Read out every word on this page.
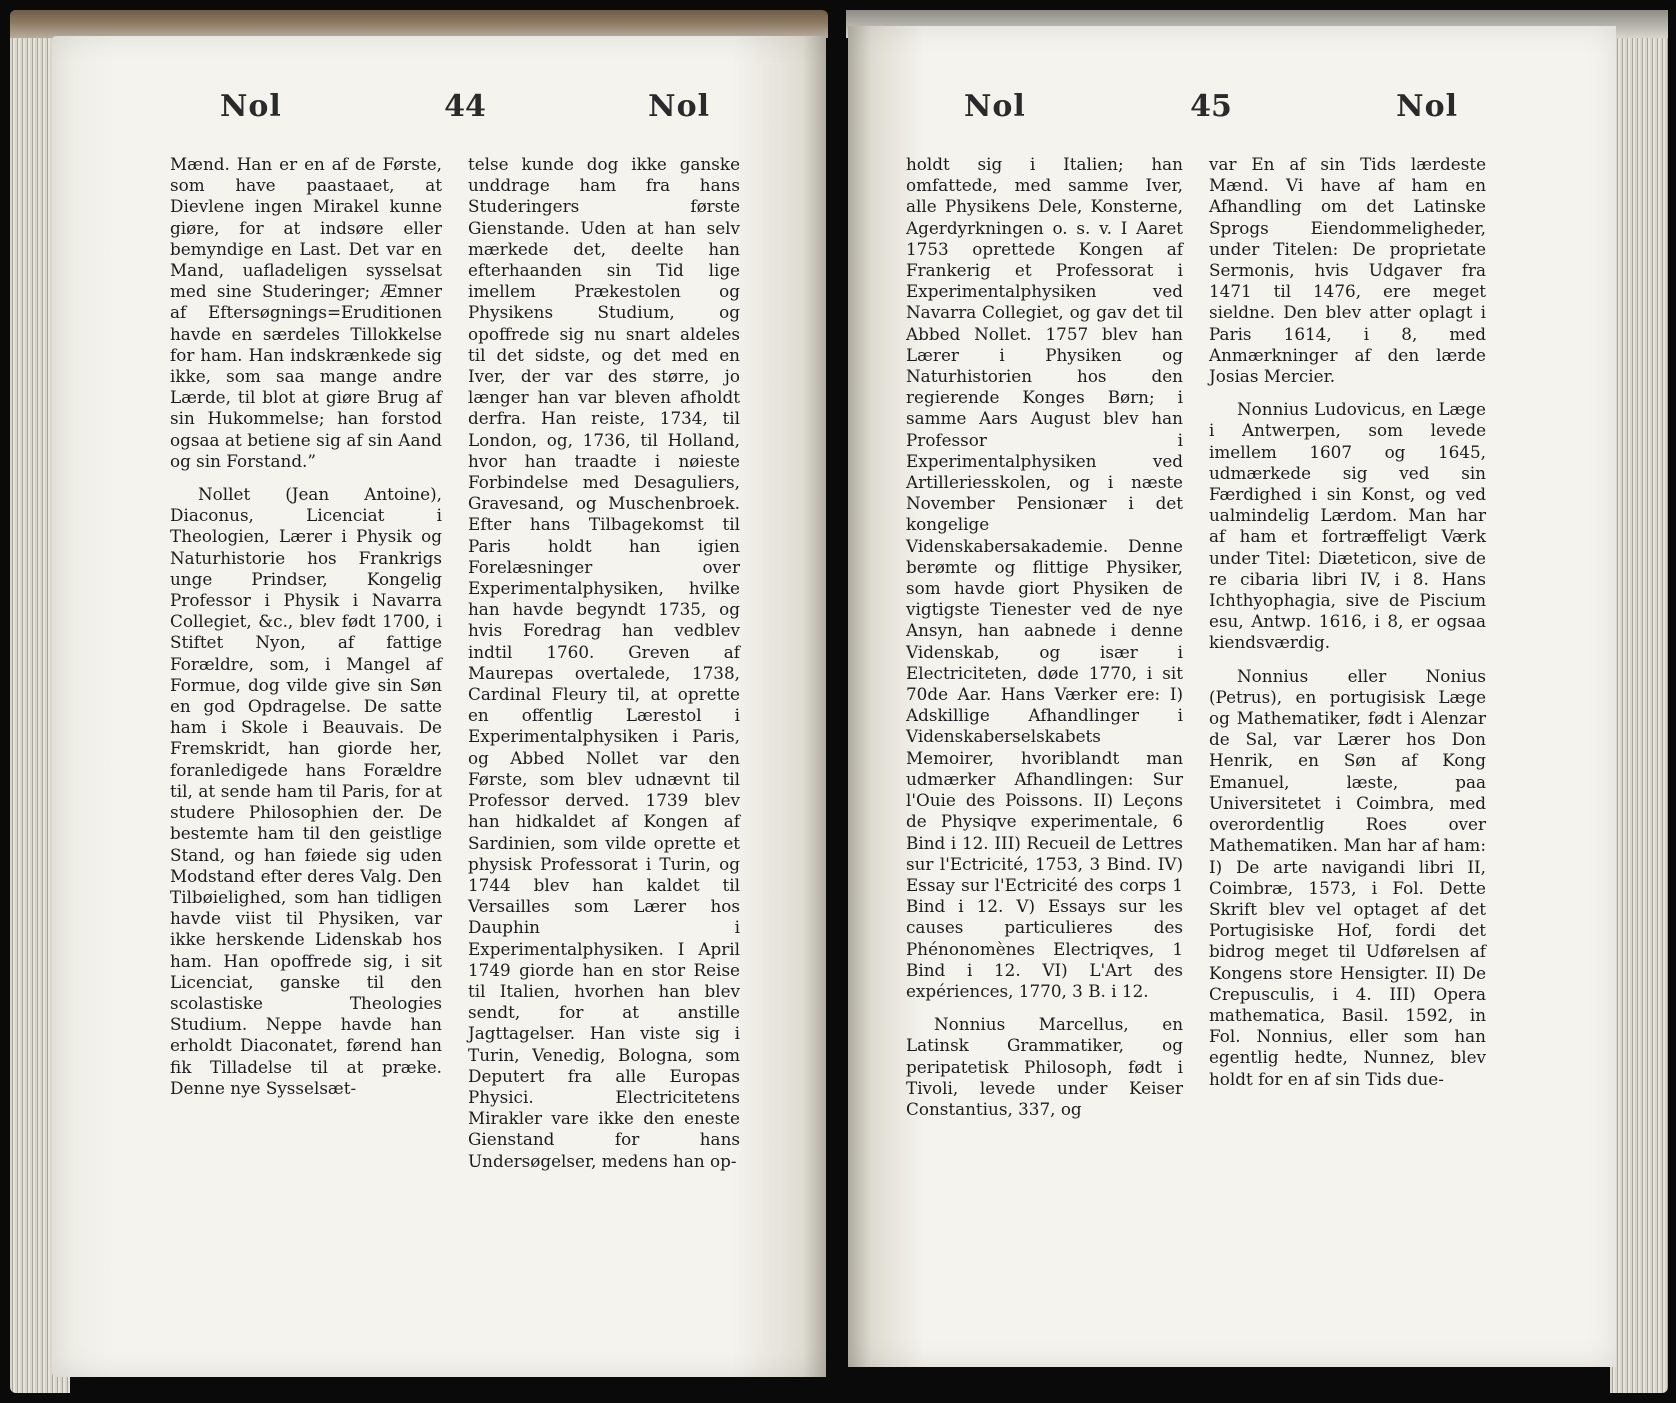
Nol	44	Nol

Mænd. Han er en af de Første, som have paastaaet, at Dievlene ingen Mirakel kunne giøre, for at indsøre eller bemyndige en Last. Det var en Mand, uafladeligen sysselsat med sine Studeringer; Æmner af Eftersøgnings=Eruditionen havde en særdeles Tillokkelse for ham. Han indskrænkede sig ikke, som saa mange andre Lærde, til blot at giøre Brug af sin Hukommelse; han forstod ogsaa at betiene sig af sin Aand og sin Forstand.”

Nollet (Jean Antoine), Diaconus, Licenciat i Theologien, Lærer i Physik og Naturhistorie hos Frankrigs unge Prindser, Kongelig Professor i Physik i Navarra Collegiet, &c., blev født 1700, i Stiftet Nyon, af fattige Forældre, som, i Mangel af Formue, dog vilde give sin Søn en god Opdragelse. De satte ham i Skole i Beauvais. De Fremskridt, han giorde her, foranledigede hans Forældre til, at sende ham til Paris, for at studere Philosophien der. De bestemte ham til den geistlige Stand, og han føiede sig uden Modstand efter deres Valg. Den Tilbøielighed, som han tidligen havde viist til Physiken, var ikke herskende Lidenskab hos ham. Han opoffrede sig, i sit Licenciat, ganske til den scolastiske Theologies Studium. Neppe havde han erholdt Diaconatet, førend han fik Tilladelse til at præke. Denne nye Sysselsæt-

telse kunde dog ikke ganske unddrage ham fra hans Studeringers første Gienstande. Uden at han selv mærkede det, deelte han efterhaanden sin Tid lige imellem Prækestolen og Physikens Studium, og opoffrede sig nu snart aldeles til det sidste, og det med en Iver, der var des større, jo længer han var bleven afholdt derfra. Han reiste, 1734, til London, og, 1736, til Holland, hvor han traadte i nøieste Forbindelse med Desaguliers, Gravesand, og Muschenbroek. Efter hans Tilbagekomst til Paris holdt han igien Forelæsninger over Experimentalphysiken, hvilke han havde begyndt 1735, og hvis Foredrag han vedblev indtil 1760. Greven af Maurepas overtalede, 1738, Cardinal Fleury til, at oprette en offentlig Lærestol i Experimentalphysiken i Paris, og Abbed Nollet var den Første, som blev udnævnt til Professor derved. 1739 blev han hidkaldet af Kongen af Sardinien, som vilde oprette et physisk Professorat i Turin, og 1744 blev han kaldet til Versailles som Lærer hos Dauphin i Experimentalphysiken. I April 1749 giorde han en stor Reise til Italien, hvorhen han blev sendt, for at anstille Jagttagelser. Han viste sig i Turin, Venedig, Bologna, som Deputert fra alle Europas Physici. Electricitetens Mirakler vare ikke den eneste Gienstand for hans Undersøgelser, medens han op-

Nol	45	Nol

holdt sig i Italien; han omfattede, med samme Iver, alle Physikens Dele, Konsterne, Agerdyrkningen o. s. v. I Aaret 1753 oprettede Kongen af Frankerig et Professorat i Experimentalphysiken ved Navarra Collegiet, og gav det til Abbed Nollet. 1757 blev han Lærer i Physiken og Naturhistorien hos den regierende Konges Børn; i samme Aars August blev han Professor i Experimentalphysiken ved Artilleriesskolen, og i næste November Pensionær i det kongelige Videnskabersakademie. Denne berømte og flittige Physiker, som havde giort Physiken de vigtigste Tienester ved de nye Ansyn, han aabnede i denne Videnskab, og især i Electriciteten, døde 1770, i sit 70de Aar. Hans Værker ere: I) Adskillige Afhandlinger i Videnskaberselskabets Memoirer, hvoriblandt man udmærker Afhandlingen: Sur l'Ouie des Poissons. II) Leçons de Physiqve experimentale, 6 Bind i 12. III) Recueil de Lettres sur l'Ectricité, 1753, 3 Bind. IV) Essay sur l'Ectricité des corps 1 Bind i 12. V) Essays sur les causes particulieres des Phénonomènes Electriqves, 1 Bind i 12. VI) L'Art des expériences, 1770, 3 B. i 12.

Nonnius Marcellus, en Latinsk Grammatiker, og peripatetisk Philosoph, født i Tivoli, levede under Keiser Constantius, 337, og

var En af sin Tids lærdeste Mænd. Vi have af ham en Afhandling om det Latinske Sprogs Eiendommeligheder, under Titelen: De proprietate Sermonis, hvis Udgaver fra 1471 til 1476, ere meget sieldne. Den blev atter oplagt i Paris 1614, i 8, med Anmærkninger af den lærde Josias Mercier.

Nonnius Ludovicus, en Læge i Antwerpen, som levede imellem 1607 og 1645, udmærkede sig ved sin Færdighed i sin Konst, og ved ualmindelig Lærdom. Man har af ham et fortræffeligt Værk under Titel: Diæteticon, sive de re cibaria libri IV, i 8. Hans Ichthyophagia, sive de Piscium esu, Antwp. 1616, i 8, er ogsaa kiendsværdig.

Nonnius eller Nonius (Petrus), en portugisisk Læge og Mathematiker, født i Alenzar de Sal, var Lærer hos Don Henrik, en Søn af Kong Emanuel, læste, paa Universitetet i Coimbra, med overordentlig Roes over Mathematiken. Man har af ham: I) De arte navigandi libri II, Coimbræ, 1573, i Fol. Dette Skrift blev vel optaget af det Portugisiske Hof, fordi det bidrog meget til Udførelsen af Kongens store Hensigter. II) De Crepusculis, i 4. III) Opera mathematica, Basil. 1592, in Fol. Nonnius, eller som han egentlig hedte, Nunnez, blev holdt for en af sin Tids due-
